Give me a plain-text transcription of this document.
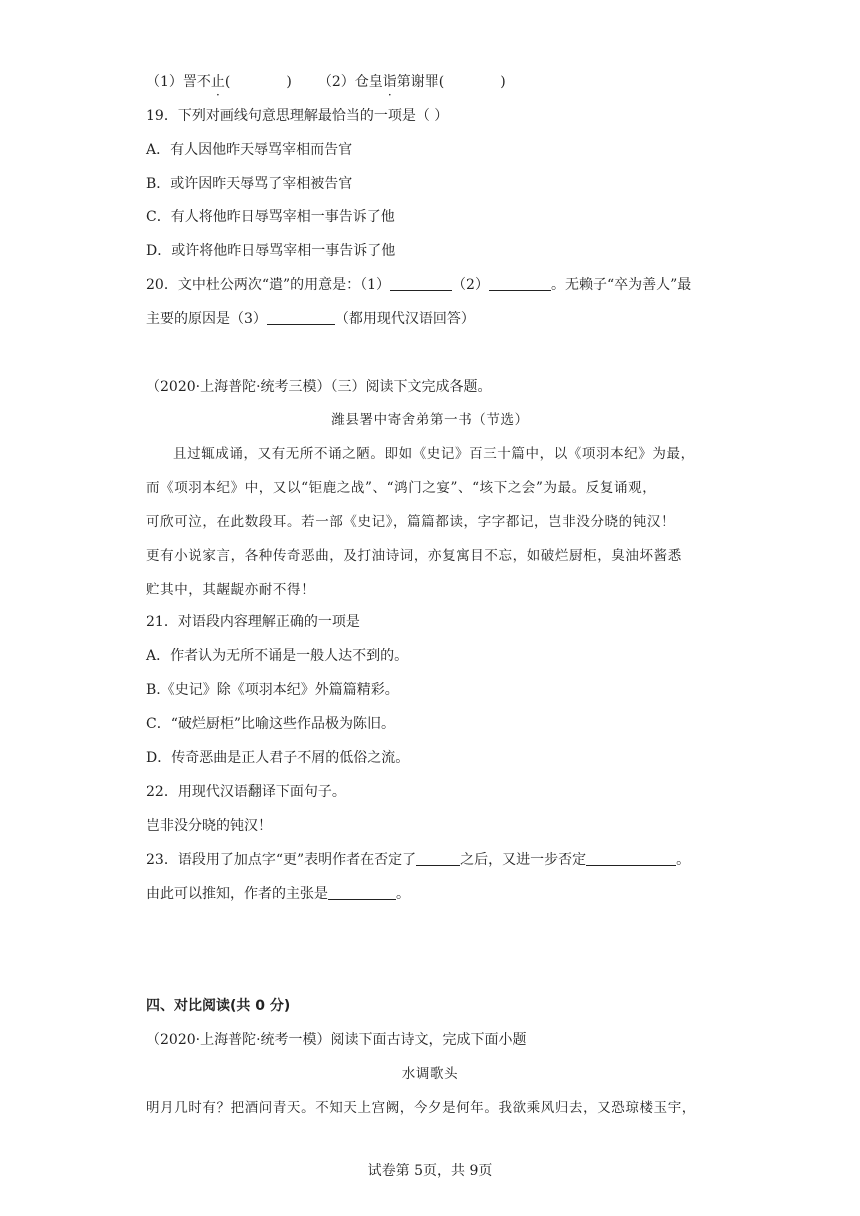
（1）詈不止(	) （2）仓皇诣第谢罪(	)
19．下列对画线句意思理解最恰当的一项是（ ）
A．有人因他昨天辱骂宰相而告官
B．或许因昨天辱骂了宰相被告官
C．有人将他昨日辱骂宰相一事告诉了他
D．或许将他昨日辱骂宰相一事告诉了他
20．文中杜公两次“遣”的用意是：（1）	（2）	。无赖子“卒为善人”最
主要的原因是（3）	（都用现代汉语回答）
（2020·上海普陀·统考三模）（三）阅读下文完成各题。
潍县署中寄舍弟第一书（节选）
且过辄成诵，又有无所不诵之陋。即如《史记》百三十篇中，以《项羽本纪》为最，
而《项羽本纪》中，又以“钜鹿之战”、“鸿门之宴”、“垓下之会”为最。反复诵观，
可欣可泣，在此数段耳。若一部《史记》，篇篇都读，字字都记，岂非没分晓的钝汉！
更有小说家言，各种传奇恶曲，及打油诗词，亦复寓目不忘，如破烂厨柜，臭油坏酱悉
贮其中，其龌龊亦耐不得！
21．对语段内容理解正确的一项是
A．作者认为无所不诵是一般人达不到的。
B.《史记》除《项羽本纪》外篇篇精彩。
C．“破烂厨柜”比喻这些作品极为陈旧。
D．传奇恶曲是正人君子不屑的低俗之流。
22．用现代汉语翻译下面句子。
岂非没分晓的钝汉！
23．语段用了加点字“更”表明作者在否定了	之后，又进一步否定	。
由此可以推知，作者的主张是	。
四、对比阅读(共 0 分)
（2020·上海普陀·统考一模）阅读下面古诗文，完成下面小题
水调歌头
明月几时有？把酒问青天。不知天上宫阙，今夕是何年。我欲乘风归去，又恐琼楼玉宇，
试卷第 5页，共 9页
